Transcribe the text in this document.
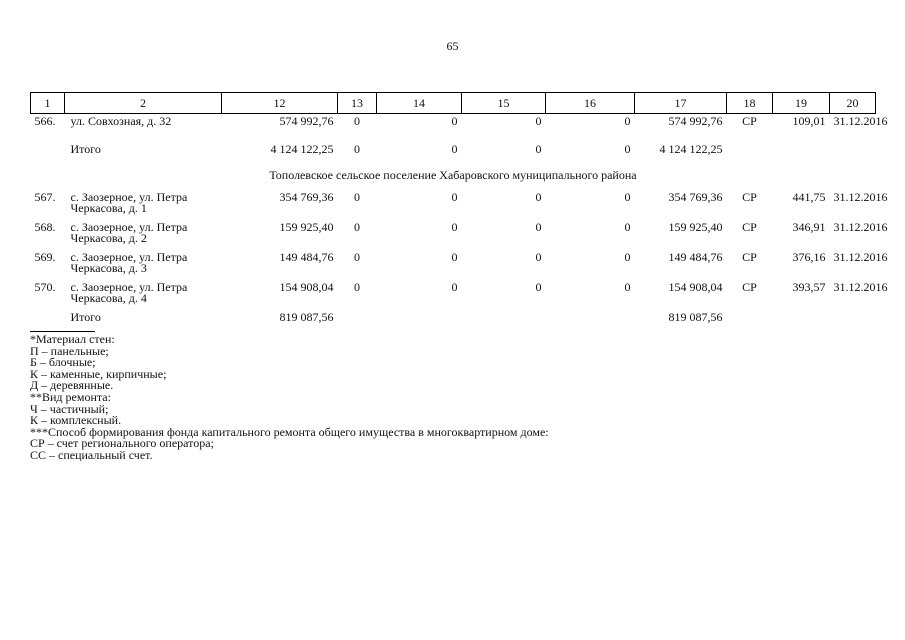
65
1	2	12	13	14	15	16	17	18	19	20
566.	ул. Совхозная, д. 32	574 992,76	0	0	0	0	574 992,76	СР	109,01	31.12.2016
	Итого	4 124 122,25	0	0	0	0	4 124 122,25			
Тополевское сельское поселение Хабаровского муниципального района										
567.	с. Заозерное, ул. Петра
Черкасова, д. 1	354 769,36	0	0	0	0	354 769,36	СР	441,75	31.12.2016
568.	с. Заозерное, ул. Петра
Черкасова, д. 2	159 925,40	0	0	0	0	159 925,40	СР	346,91	31.12.2016
569.	с. Заозерное, ул. Петра
Черкасова, д. 3	149 484,76	0	0	0	0	149 484,76	СР	376,16	31.12.2016
570.	с. Заозерное, ул. Петра
Черкасова, д. 4	154 908,04	0	0	0	0	154 908,04	СР	393,57	31.12.2016
	Итого	819 087,56					819 087,56			
*Материал стен:
П – панельные;
Б – блочные;
К – каменные, кирпичные;
Д – деревянные.
**Вид ремонта:
Ч – частичный;
К – комплексный.
***Способ формирования фонда капитального ремонта общего имущества в многоквартирном доме:
СР – счет регионального оператора;
СС – специальный счет.
